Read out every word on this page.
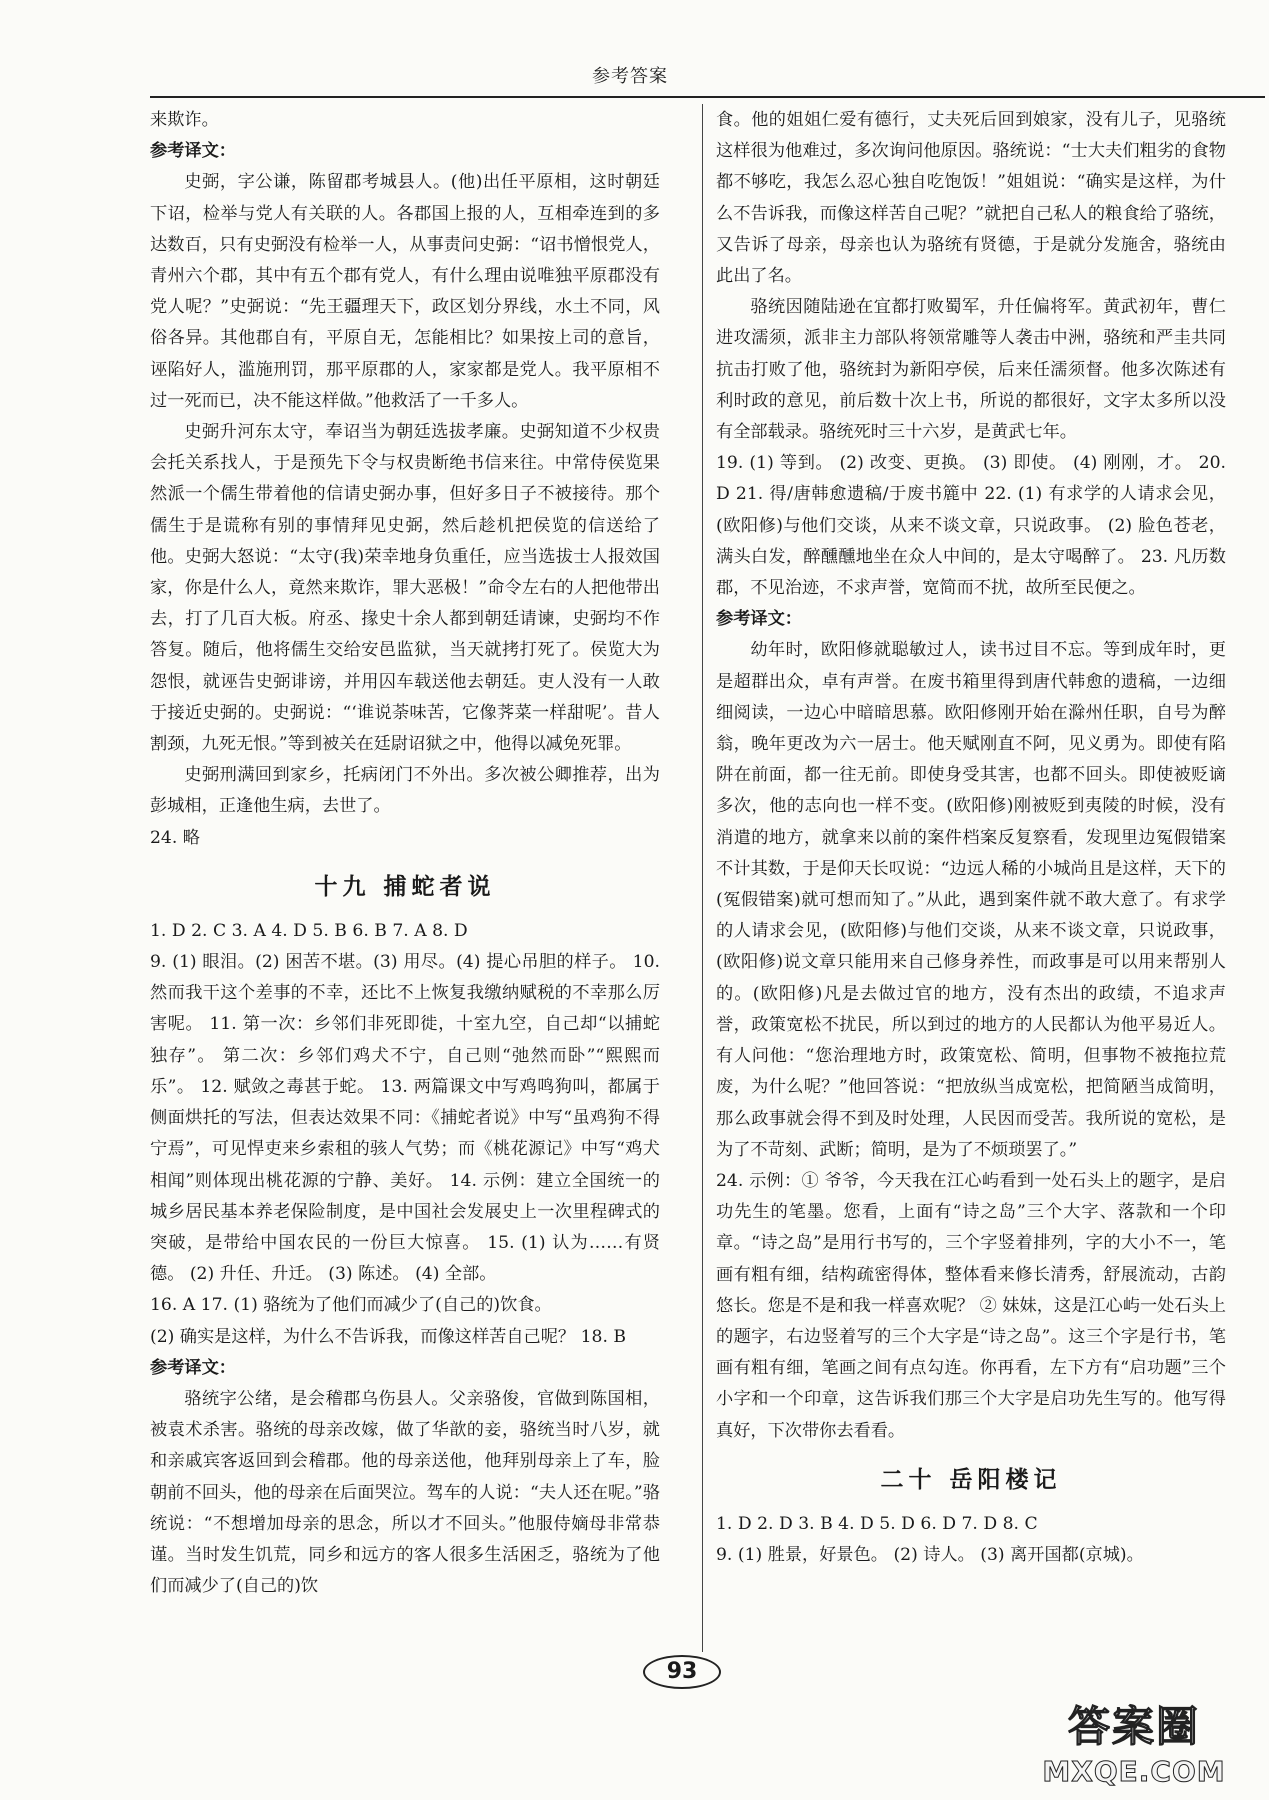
参考答案

来欺诈。

参考译文：

史弼，字公谦，陈留郡考城县人。(他)出任平原相，这时朝廷下诏，检举与党人有关联的人。各郡国上报的人，互相牵连到的多达数百，只有史弼没有检举一人，从事责问史弼：“诏书憎恨党人，青州六个郡，其中有五个郡有党人，有什么理由说唯独平原郡没有党人呢？”史弼说：“先王疆理天下，政区划分界线，水土不同，风俗各异。其他郡自有，平原自无，怎能相比？如果按上司的意旨，诬陷好人，滥施刑罚，那平原郡的人，家家都是党人。我平原相不过一死而已，决不能这样做。”他救活了一千多人。

史弼升河东太守，奉诏当为朝廷选拔孝廉。史弼知道不少权贵会托关系找人，于是预先下令与权贵断绝书信来往。中常侍侯览果然派一个儒生带着他的信请史弼办事，但好多日子不被接待。那个儒生于是谎称有别的事情拜见史弼，然后趁机把侯览的信送给了他。史弼大怒说：“太守(我)荣幸地身负重任，应当选拔士人报效国家，你是什么人，竟然来欺诈，罪大恶极！”命令左右的人把他带出去，打了几百大板。府丞、掾史十余人都到朝廷请谏，史弼均不作答复。随后，他将儒生交给安邑监狱，当天就拷打死了。侯览大为怨恨，就诬告史弼诽谤，并用囚车载送他去朝廷。吏人没有一人敢于接近史弼的。史弼说：“‘谁说荼味苦，它像荠菜一样甜呢’。昔人割颈，九死无恨。”等到被关在廷尉诏狱之中，他得以减免死罪。

史弼刑满回到家乡，托病闭门不外出。多次被公卿推荐，出为彭城相，正逢他生病，去世了。

24. 略

十九 捕蛇者说

1. D 2. C 3. A 4. D 5. B 6. B 7. A 8. D

9. (1) 眼泪。(2) 困苦不堪。(3) 用尽。(4) 提心吊胆的样子。 10. 然而我干这个差事的不幸，还比不上恢复我缴纳赋税的不幸那么厉害呢。 11. 第一次：乡邻们非死即徙，十室九空，自己却“以捕蛇独存”。 第二次：乡邻们鸡犬不宁，自己则“弛然而卧”“熙熙而乐”。 12. 赋敛之毒甚于蛇。 13. 两篇课文中写鸡鸣狗叫，都属于侧面烘托的写法，但表达效果不同：《捕蛇者说》中写“虽鸡狗不得宁焉”，可见悍吏来乡索租的骇人气势；而《桃花源记》中写“鸡犬相闻”则体现出桃花源的宁静、美好。 14. 示例：建立全国统一的城乡居民基本养老保险制度，是中国社会发展史上一次里程碑式的突破，是带给中国农民的一份巨大惊喜。 15. (1) 认为……有贤德。 (2) 升任、升迁。 (3) 陈述。 (4) 全部。

16. A 17. (1) 骆统为了他们而减少了(自己的)饮食。

(2) 确实是这样，为什么不告诉我，而像这样苦自己呢？ 18. B

参考译文：

骆统字公绪，是会稽郡乌伤县人。父亲骆俊，官做到陈国相，被袁术杀害。骆统的母亲改嫁，做了华歆的妾，骆统当时八岁，就和亲戚宾客返回到会稽郡。他的母亲送他，他拜别母亲上了车，脸朝前不回头，他的母亲在后面哭泣。驾车的人说：“夫人还在呢。”骆统说：“不想增加母亲的思念，所以才不回头。”他服侍嫡母非常恭谨。当时发生饥荒，同乡和远方的客人很多生活困乏，骆统为了他们而减少了(自己的)饮

食。他的姐姐仁爱有德行，丈夫死后回到娘家，没有儿子，见骆统这样很为他难过，多次询问他原因。骆统说：“士大夫们粗劣的食物都不够吃，我怎么忍心独自吃饱饭！”姐姐说：“确实是这样，为什么不告诉我，而像这样苦自己呢？”就把自己私人的粮食给了骆统，又告诉了母亲，母亲也认为骆统有贤德，于是就分发施舍，骆统由此出了名。

骆统因随陆逊在宜都打败蜀军，升任偏将军。黄武初年，曹仁进攻濡须，派非主力部队将领常雕等人袭击中洲，骆统和严圭共同抗击打败了他，骆统封为新阳亭侯，后来任濡须督。他多次陈述有利时政的意见，前后数十次上书，所说的都很好，文字太多所以没有全部载录。骆统死时三十六岁，是黄武七年。

19. (1) 等到。 (2) 改变、更换。 (3) 即使。 (4) 刚刚，才。 20. D 21. 得/唐韩愈遗稿/于废书簏中 22. (1) 有求学的人请求会见，(欧阳修)与他们交谈，从来不谈文章，只说政事。 (2) 脸色苍老，满头白发，醉醺醺地坐在众人中间的，是太守喝醉了。 23. 凡历数郡，不见治迹，不求声誉，宽简而不扰，故所至民便之。

参考译文：

幼年时，欧阳修就聪敏过人，读书过目不忘。等到成年时，更是超群出众，卓有声誉。在废书箱里得到唐代韩愈的遗稿，一边细细阅读，一边心中暗暗思慕。欧阳修刚开始在滁州任职，自号为醉翁，晚年更改为六一居士。他天赋刚直不阿，见义勇为。即使有陷阱在前面，都一往无前。即使身受其害，也都不回头。即使被贬谪多次，他的志向也一样不变。(欧阳修)刚被贬到夷陵的时候，没有消遣的地方，就拿来以前的案件档案反复察看，发现里边冤假错案不计其数，于是仰天长叹说：“边远人稀的小城尚且是这样，天下的(冤假错案)就可想而知了。”从此，遇到案件就不敢大意了。有求学的人请求会见，(欧阳修)与他们交谈，从来不谈文章，只说政事，(欧阳修)说文章只能用来自己修身养性，而政事是可以用来帮别人的。(欧阳修)凡是去做过官的地方，没有杰出的政绩，不追求声誉，政策宽松不扰民，所以到过的地方的人民都认为他平易近人。有人问他：“您治理地方时，政策宽松、简明，但事物不被拖拉荒废，为什么呢？”他回答说：“把放纵当成宽松，把简陋当成简明，那么政事就会得不到及时处理，人民因而受苦。我所说的宽松，是为了不苛刻、武断；简明，是为了不烦琐罢了。”

24. 示例：① 爷爷，今天我在江心屿看到一处石头上的题字，是启功先生的笔墨。您看，上面有“诗之岛”三个大字、落款和一个印章。“诗之岛”是用行书写的，三个字竖着排列，字的大小不一，笔画有粗有细，结构疏密得体，整体看来修长清秀，舒展流动，古韵悠长。您是不是和我一样喜欢呢？ ② 妹妹，这是江心屿一处石头上的题字，右边竖着写的三个大字是“诗之岛”。这三个字是行书，笔画有粗有细，笔画之间有点勾连。你再看，左下方有“启功题”三个小字和一个印章，这告诉我们那三个大字是启功先生写的。他写得真好，下次带你去看看。

二十 岳阳楼记

1. D 2. D 3. B 4. D 5. D 6. D 7. D 8. C

9. (1) 胜景，好景色。 (2) 诗人。 (3) 离开国都(京城)。

93
答案圈
MXQE.COM
